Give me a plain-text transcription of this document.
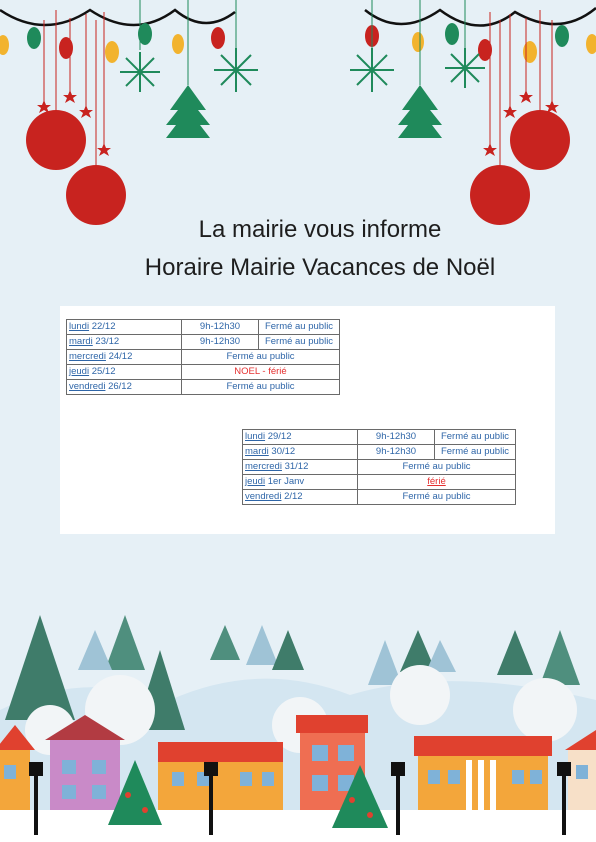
La mairie vous informe
Horaire Mairie Vacances de Noël
lundi 22/12	9h-12h30	Fermé au public
mardi 23/12	9h-12h30	Fermé au public
mercredi 24/12	Fermé au public	
jeudi 25/12	NOEL - férié	
vendredi 26/12	Fermé au public	
lundi 29/12	9h-12h30	Fermé au public
mardi 30/12	9h-12h30	Fermé au public
mercredi 31/12	Fermé au public	
jeudi 1er Janv	férié	
vendredi 2/12	Fermé au public	
